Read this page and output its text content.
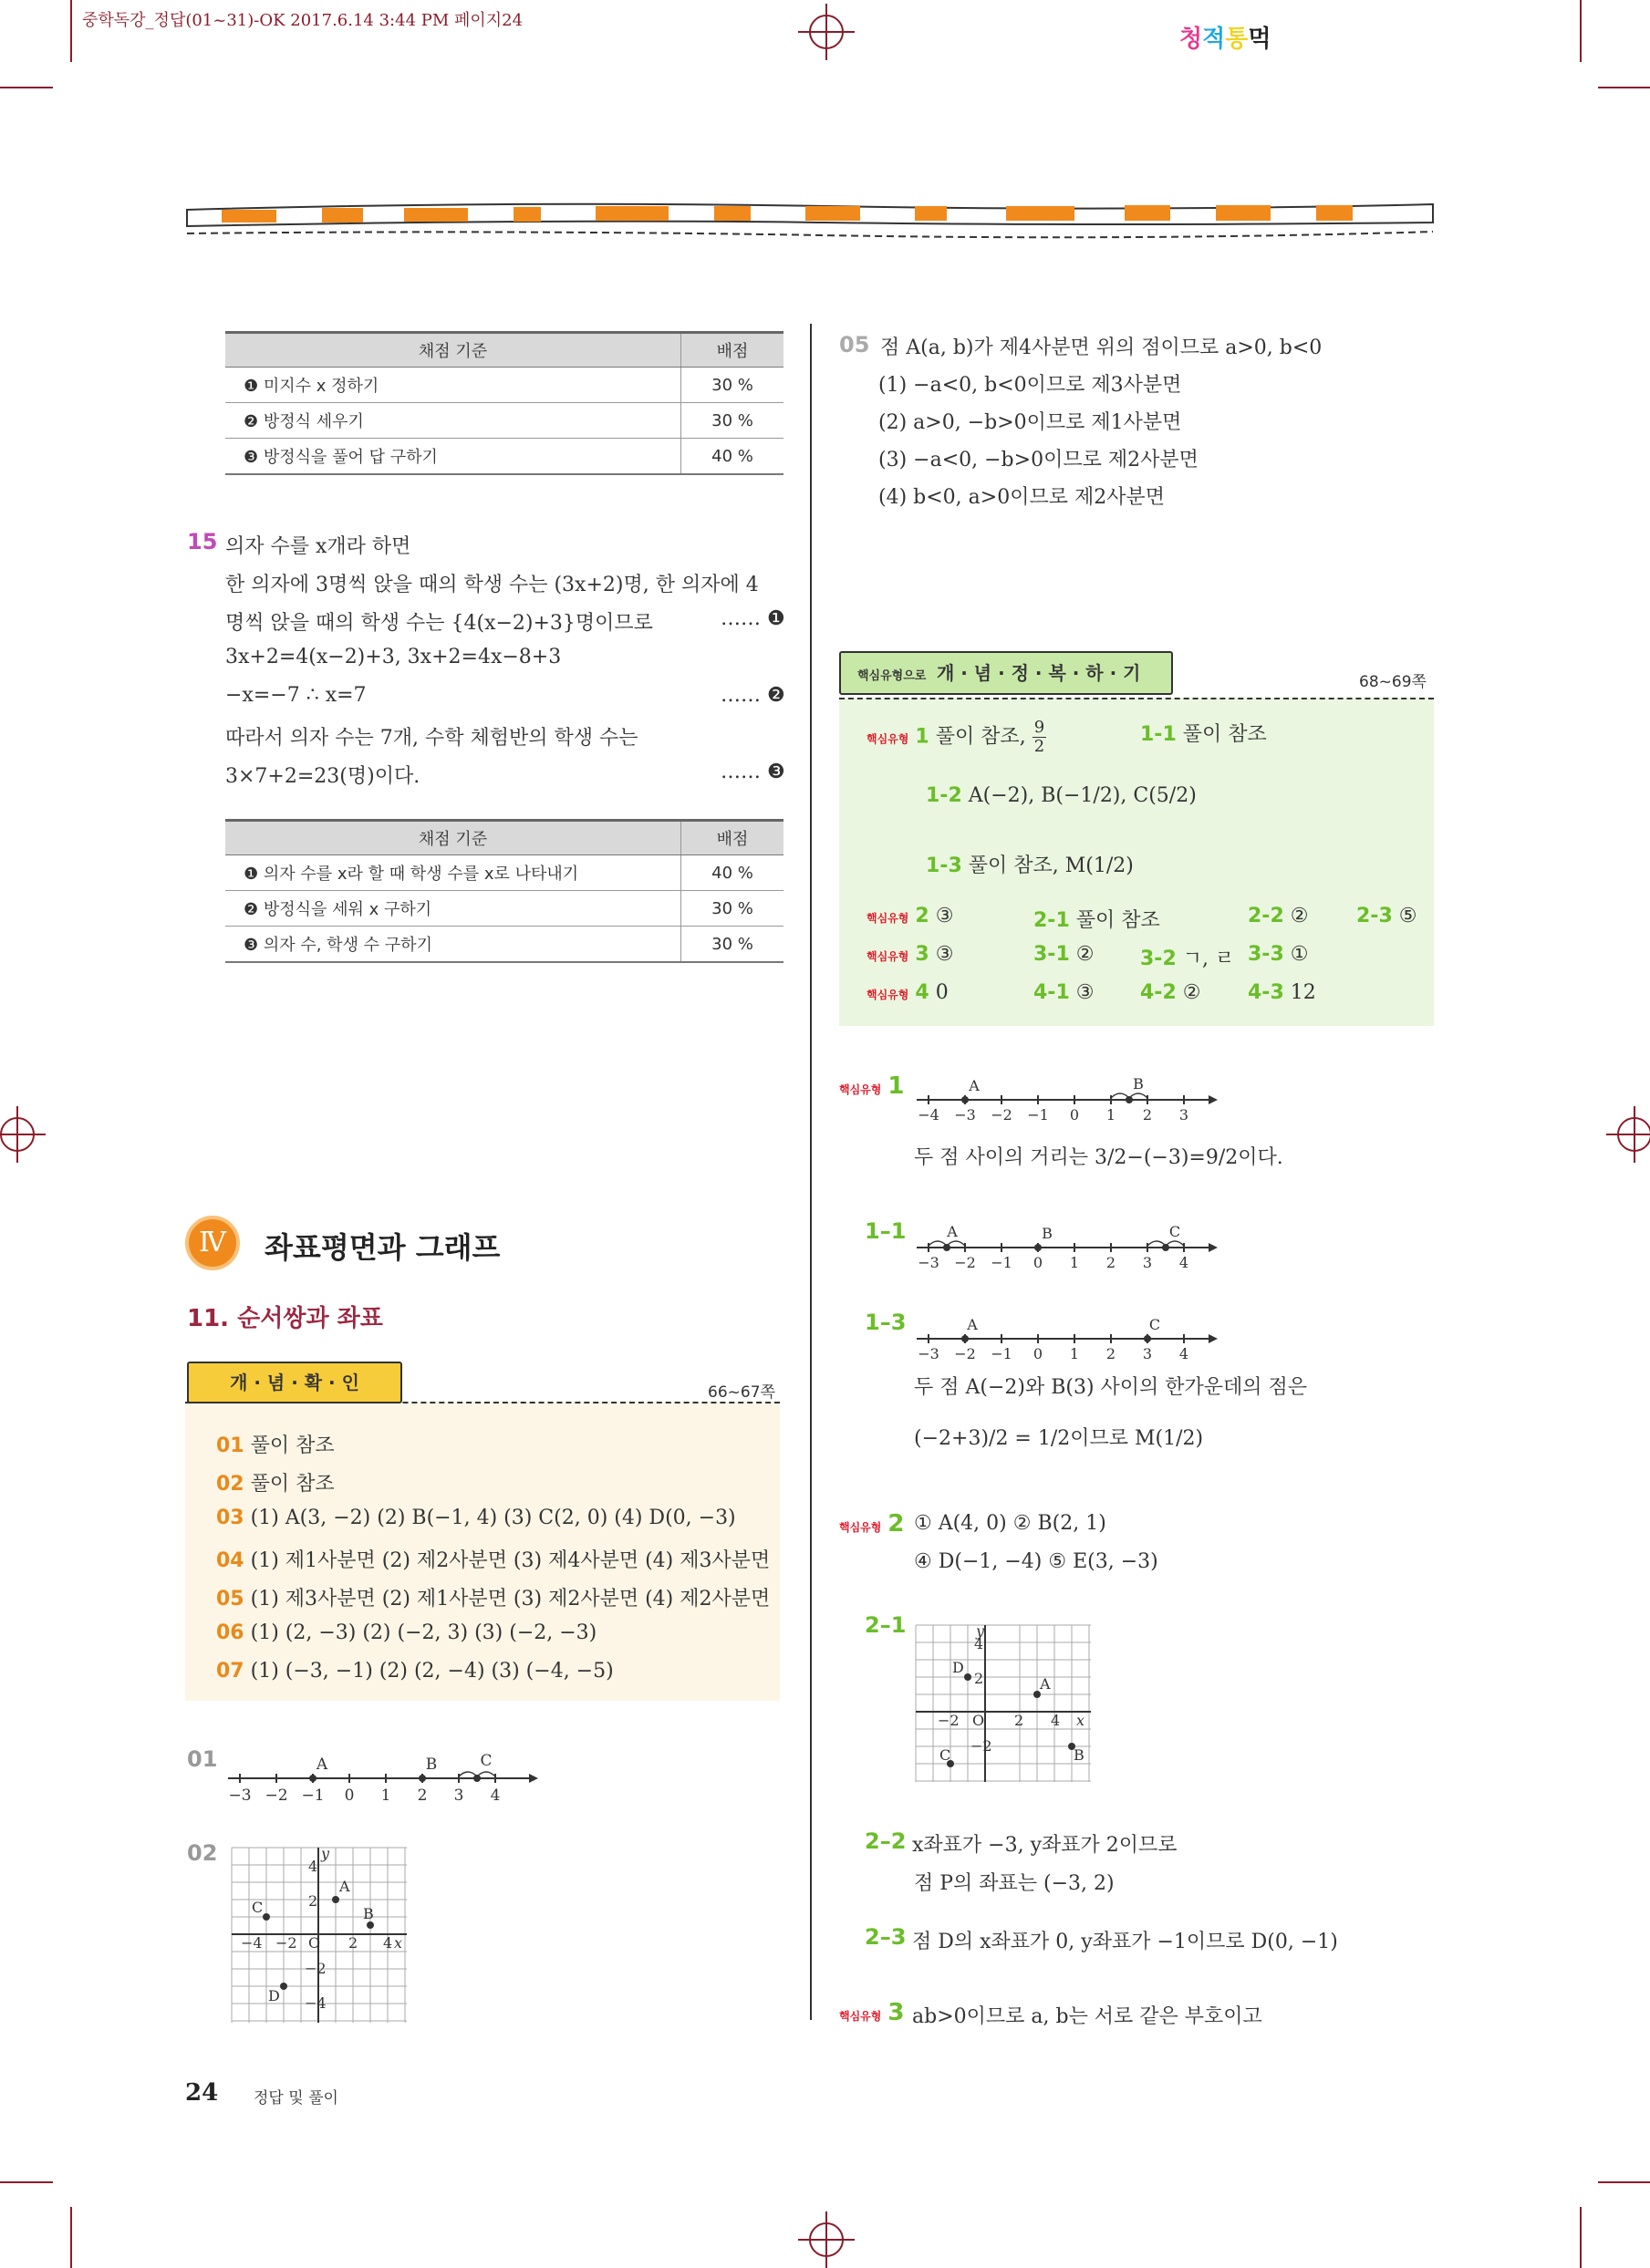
중학독강_정답(01~31)-OK 2017.6.14 3:44 PM 페이지24
청적통먹
채점 기준	배점
❶ 미지수 x 정하기	30 %
❷ 방정식 세우기	30 %
❸ 방정식을 풀어 답 구하기	40 %
15 의자 수를 x개라 하면
한 의자에 3명씩 앉을 때의 학생 수는 (3x+2)명, 한 의자에 4
명씩 앉을 때의 학생 수는 {4(x−2)+3}명이므로	…… ❶
3x+2=4(x−2)+3, 3x+2=4x−8+3
−x=−7 ∴ x=7	…… ❷
따라서 의자 수는 7개, 수학 체험반의 학생 수는
3×7+2=23(명)이다.	…… ❸
채점 기준	배점
❶ 의자 수를 x라 할 때 학생 수를 x로 나타내기	40 %
❷ 방정식을 세워 x 구하기	30 %
❸ 의자 수, 학생 수 구하기	30 %
Ⅳ	좌표평면과 그래프
11. 순서쌍과 좌표
개 · 념 · 확 · 인	66~67쪽
01 풀이 참조
02 풀이 참조
03 (1) A(3, −2) (2) B(−1, 4) (3) C(2, 0) (4) D(0, −3)
04 (1) 제1사분면 (2) 제2사분면 (3) 제4사분면 (4) 제3사분면
05 (1) 제3사분면 (2) 제1사분면 (3) 제2사분면 (4) 제2사분면
06 (1) (2, −3) (2) (−2, 3) (3) (−2, −3)
07 (1) (−3, −1) (2) (2, −4) (3) (−4, −5)
01	A	B	C
−3 −2 −1 0 1 2 3 4
02
A
B
C
D
y
x
4
2
O
−2
−4
−4 −2	2 4
24 정답 및 풀이
05 점 A(a, b)가 제4사분면 위의 점이므로 a>0, b<0
(1) −a<0, b<0이므로 제3사분면
(2) a>0, −b>0이므로 제1사분면
(3) −a<0, −b>0이므로 제2사분면
(4) b<0, a>0이므로 제2사분면
핵심유형으로 개 · 념 · 정 · 복 · 하 · 기	68~69쪽
핵심유형 1 풀이 참조, $\frac{9}{2}$	1-1 풀이 참조
1-2 A(−2), B(−1/2), C(5/2)
1-3 풀이 참조, M(1/2)
핵심유형 2 ③	2-1 풀이 참조	2-2 ② 2-3 ⑤
핵심유형 3 ③	3-1 ② 3-2 ㄱ, ㄹ 3-3 ①
핵심유형 4 0	4-1 ③ 4-2 ② 4-3 12
핵심유형 1	A	B
−4 −3 −2 −1 0 1 2 3
두 점 사이의 거리는 3/2−(−3)=9/2이다.
1–1	A	B	C
−3 −2 −1 0 1 2 3 4
1–3	A	C
−3 −2 −1 0 1 2 3 4
두 점 A(−2)와 B(3) 사이의 한가운데의 점은
(−2+3)/2 = 1/2이므로 M(1/2)
핵심유형 2 ① A(4, 0) ② B(2, 1)
④ D(−1, −4) ⑤ E(3, −3)
2–1
A
B
C
D
y
x
4
2
O
−2
−2	2 4
2–2 x좌표가 −3, y좌표가 2이므로
점 P의 좌표는 (−3, 2)
2–3 점 D의 x좌표가 0, y좌표가 −1이므로 D(0, −1)
핵심유형 3 ab>0이므로 a, b는 서로 같은 부호이고
